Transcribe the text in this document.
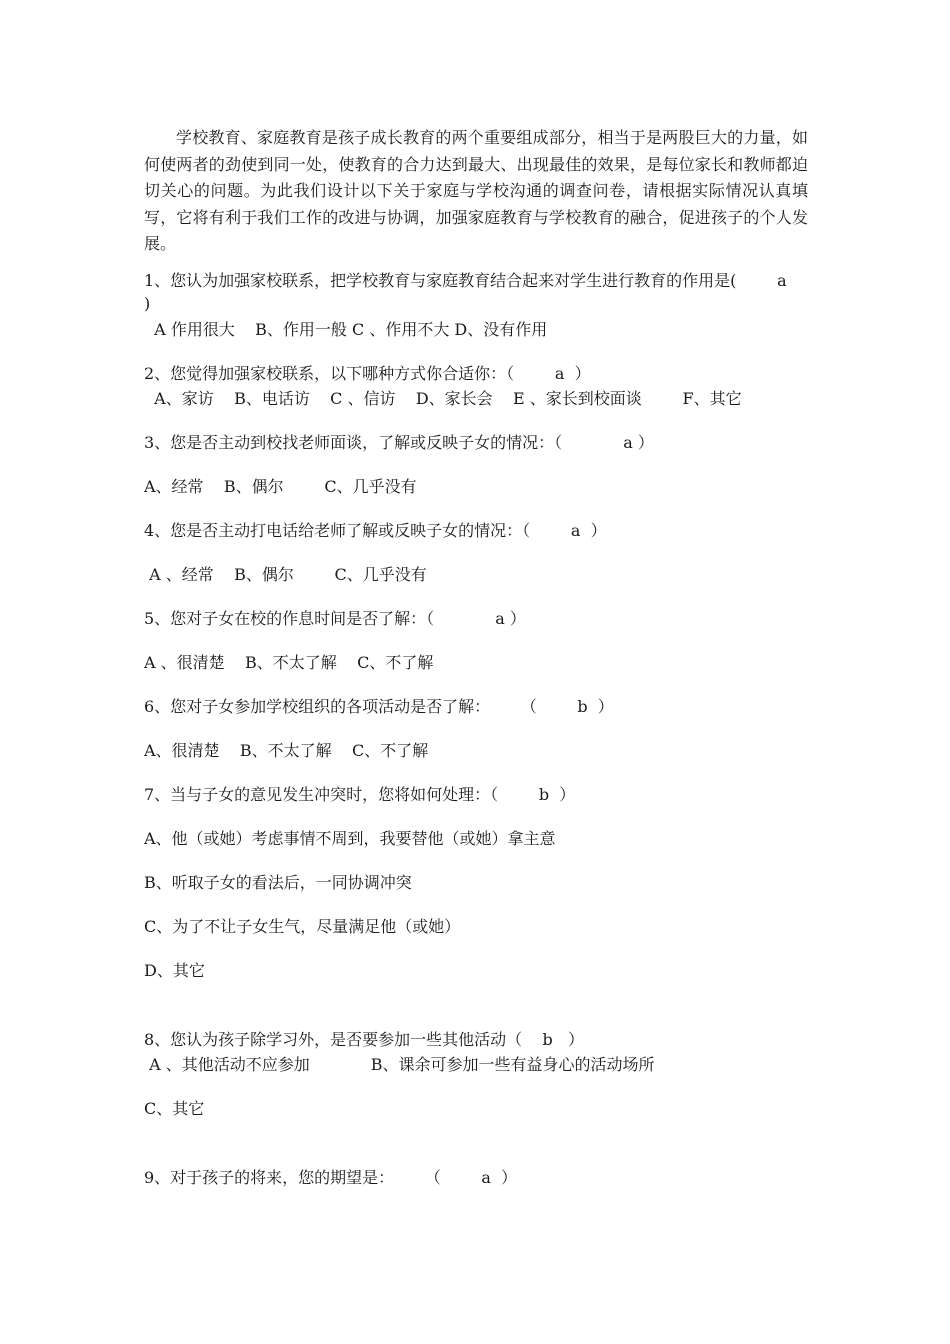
学校教育、家庭教育是孩子成长教育的两个重要组成部分，相当于是两股巨大的力量，如何使两者的劲使到同一处，使教育的合力达到最大、出现最佳的效果，是每位家长和教师都迫切关心的问题。为此我们设计以下关于家庭与学校沟通的调查问卷，请根据实际情况认真填写，它将有利于我们工作的改进与协调，加强家庭教育与学校教育的融合，促进孩子的个人发展。

1、您认为加强家校联系，把学校教育与家庭教育结合起来对学生进行教育的作用是(        a
)
A 作用很大    B、作用一般 C 、作用不大 D、没有作用
2、您觉得加强家校联系，以下哪种方式你合适你：（        a  ）
A、家访    B、电话访    C 、信访    D、家长会    E 、家长到校面谈        F、其它
3、您是否主动到校找老师面谈，了解或反映子女的情况：（            a ）
A、经常    B、偶尔        C、几乎没有
4、您是否主动打电话给老师了解或反映子女的情况：（        a  ）
A 、经常    B、偶尔        C、几乎没有
5、您对子女在校的作息时间是否了解：（            a ）
A 、很清楚    B、不太了解    C、不了解
6、您对子女参加学校组织的各项活动是否了解：      （        b  ）
A、很清楚    B、不太了解    C、不了解
7、当与子女的意见发生冲突时，您将如何处理：（        b  ）
A、他（或她）考虑事情不周到，我要替他（或她）拿主意
B、听取子女的看法后，一同协调冲突
C、为了不让子女生气，尽量满足他（或她）
D、其它
8、您认为孩子除学习外，是否要参加一些其他活动（    b   ）
A 、其他活动不应参加            B、课余可参加一些有益身心的活动场所
C、其它
9、对于孩子的将来，您的期望是：      （        a  ）
